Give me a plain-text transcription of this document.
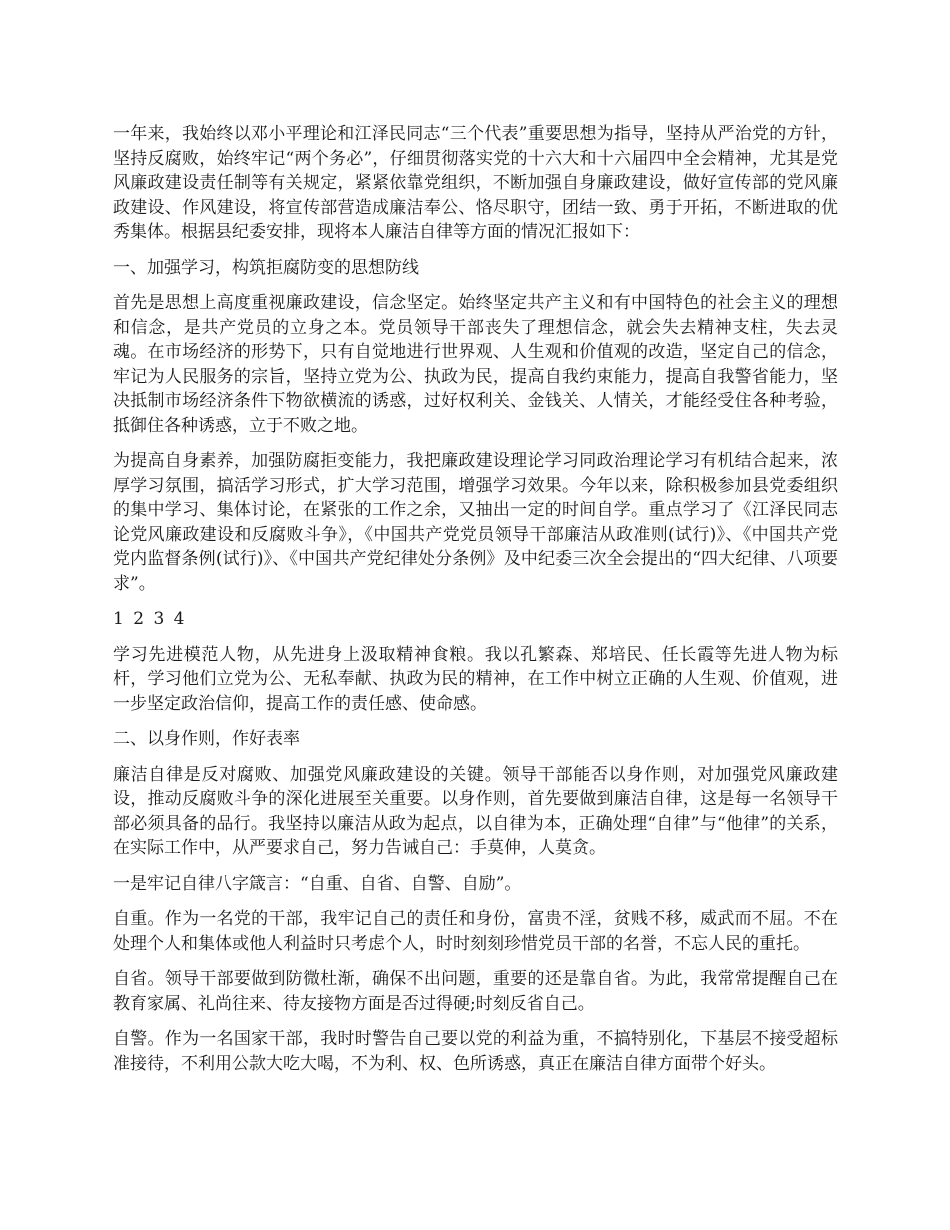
一年来，我始终以邓小平理论和江泽民同志“三个代表”重要思想为指导，坚持从严治党的方针，坚持反腐败，始终牢记“两个务必”，仔细贯彻落实党的十六大和十六届四中全会精神，尤其是党风廉政建设责任制等有关规定，紧紧依靠党组织，不断加强自身廉政建设，做好宣传部的党风廉政建设、作风建设，将宣传部营造成廉洁奉公、恪尽职守，团结一致、勇于开拓，不断进取的优秀集体。根据县纪委安排，现将本人廉洁自律等方面的情况汇报如下：

一、加强学习，构筑拒腐防变的思想防线

首先是思想上高度重视廉政建设，信念坚定。始终坚定共产主义和有中国特色的社会主义的理想和信念，是共产党员的立身之本。党员领导干部丧失了理想信念，就会失去精神支柱，失去灵魂。在市场经济的形势下，只有自觉地进行世界观、人生观和价值观的改造，坚定自己的信念，牢记为人民服务的宗旨，坚持立党为公、执政为民，提高自我约束能力，提高自我警省能力，坚决抵制市场经济条件下物欲横流的诱惑，过好权利关、金钱关、人情关，才能经受住各种考验，抵御住各种诱惑，立于不败之地。

为提高自身素养，加强防腐拒变能力，我把廉政建设理论学习同政治理论学习有机结合起来，浓厚学习氛围，搞活学习形式，扩大学习范围，增强学习效果。今年以来，除积极参加县党委组织的集中学习、集体讨论，在紧张的工作之余，又抽出一定的时间自学。重点学习了《江泽民同志论党风廉政建设和反腐败斗争》，《中国共产党党员领导干部廉洁从政准则(试行)》、《中国共产党党内监督条例(试行)》、《中国共产党纪律处分条例》及中纪委三次全会提出的“四大纪律、八项要求”。

1 2 3 4

学习先进模范人物，从先进身上汲取精神食粮。我以孔繁森、郑培民、任长霞等先进人物为标杆，学习他们立党为公、无私奉献、执政为民的精神，在工作中树立正确的人生观、价值观，进一步坚定政治信仰，提高工作的责任感、使命感。

二、以身作则，作好表率

廉洁自律是反对腐败、加强党风廉政建设的关键。领导干部能否以身作则，对加强党风廉政建设，推动反腐败斗争的深化进展至关重要。以身作则，首先要做到廉洁自律，这是每一名领导干部必须具备的品行。我坚持以廉洁从政为起点，以自律为本，正确处理“自律”与“他律”的关系，在实际工作中，从严要求自己，努力告诫自己：手莫伸，人莫贪。

一是牢记自律八字箴言：“自重、自省、自警、自励”。

自重。作为一名党的干部，我牢记自己的责任和身份，富贵不淫，贫贱不移，威武而不屈。不在处理个人和集体或他人利益时只考虑个人，时时刻刻珍惜党员干部的名誉，不忘人民的重托。

自省。领导干部要做到防微杜渐，确保不出问题，重要的还是靠自省。为此，我常常提醒自己在教育家属、礼尚往来、待友接物方面是否过得硬;时刻反省自己。

自警。作为一名国家干部，我时时警告自己要以党的利益为重，不搞特别化，下基层不接受超标准接待，不利用公款大吃大喝，不为利、权、色所诱惑，真正在廉洁自律方面带个好头。
